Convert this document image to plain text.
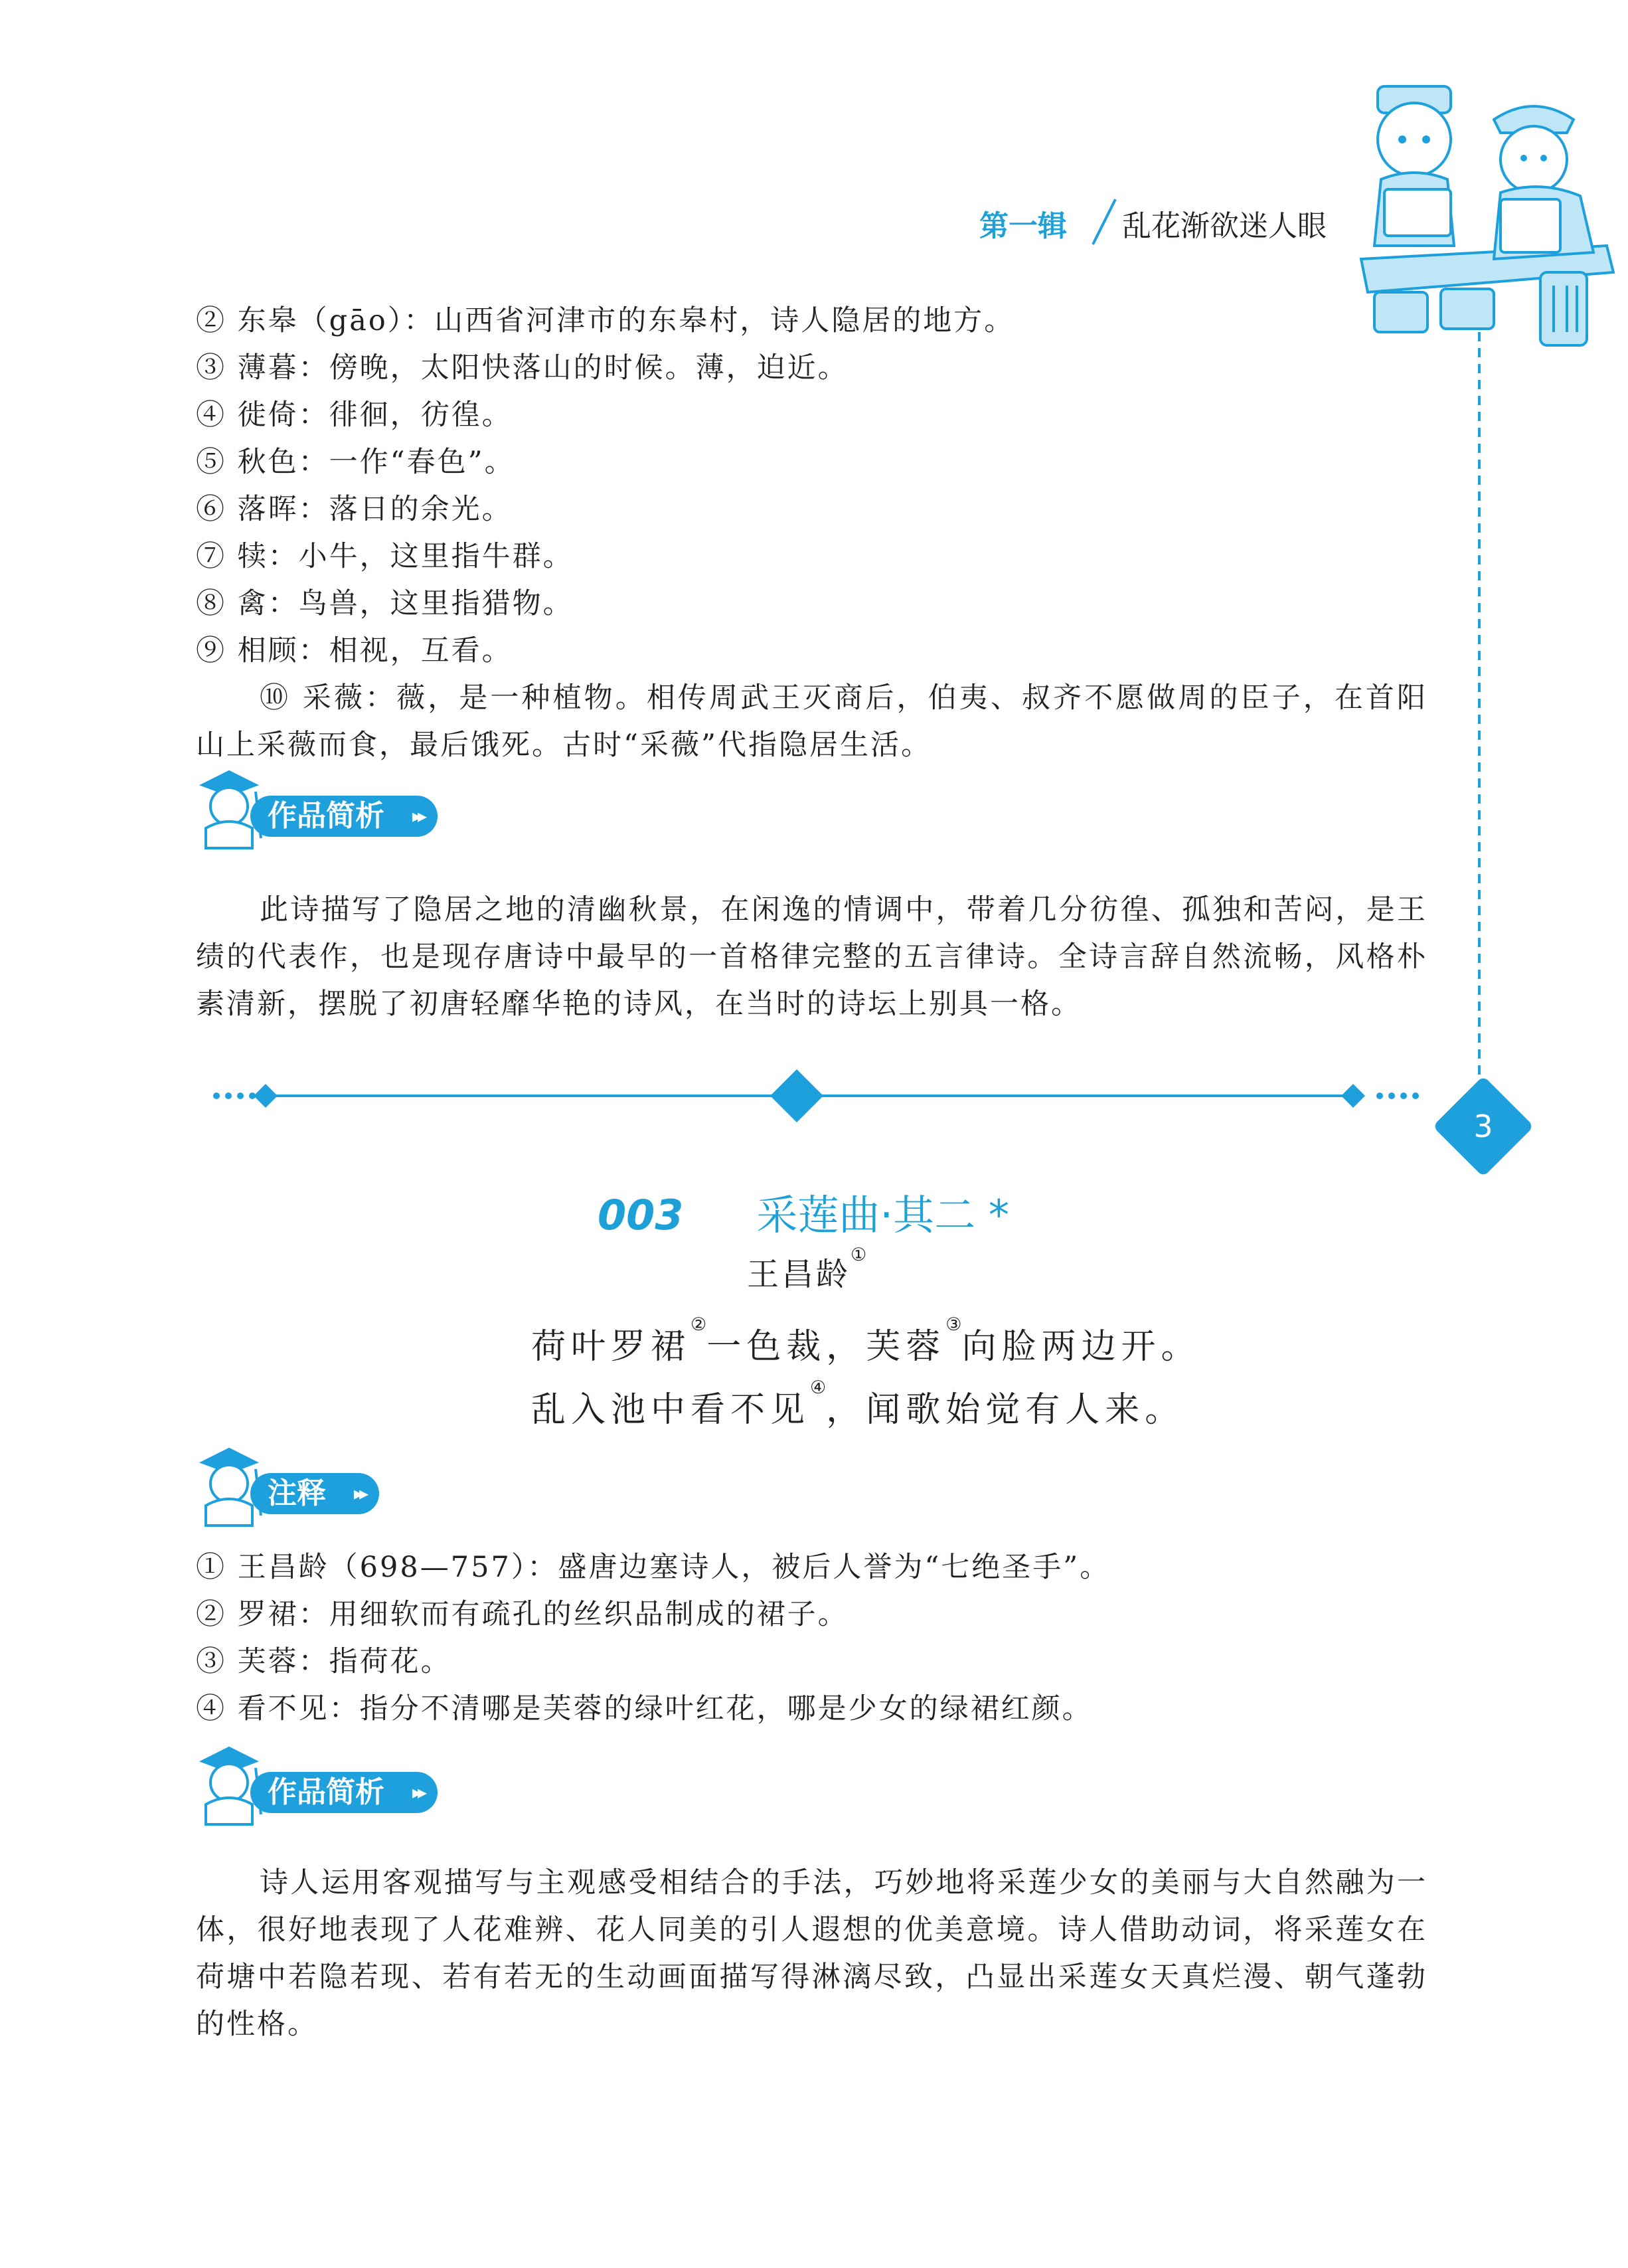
第一辑 乱花渐欲迷人眼
② 东皋（gāo）：山西省河津市的东皋村，诗人隐居的地方。
③ 薄暮：傍晚，太阳快落山的时候。薄，迫近。
④ 徙倚：徘徊，彷徨。
⑤ 秋色：一作“春色”。
⑥ 落晖：落日的余光。
⑦ 犊：小牛，这里指牛群。
⑧ 禽：鸟兽，这里指猎物。
⑨ 相顾：相视，互看。
⑩ 采薇：薇，是一种植物。相传周武王灭商后，伯夷、叔齐不愿做周的臣子，在首阳山上采薇而食，最后饿死。古时“采薇”代指隐居生活。
作品简析 ▸▸
此诗描写了隐居之地的清幽秋景，在闲逸的情调中，带着几分彷徨、孤独和苦闷，是王绩的代表作，也是现存唐诗中最早的一首格律完整的五言律诗。全诗言辞自然流畅，风格朴素清新，摆脱了初唐轻靡华艳的诗风，在当时的诗坛上别具一格。
3
003 采莲曲·其二 *
王昌龄①
荷叶罗裙②一色裁，芙蓉③向脸两边开。
乱入池中看不见④，闻歌始觉有人来。
注释 ▸▸
① 王昌龄（698—757）：盛唐边塞诗人，被后人誉为“七绝圣手”。
② 罗裙：用细软而有疏孔的丝织品制成的裙子。
③ 芙蓉：指荷花。
④ 看不见：指分不清哪是芙蓉的绿叶红花，哪是少女的绿裙红颜。
作品简析 ▸▸
诗人运用客观描写与主观感受相结合的手法，巧妙地将采莲少女的美丽与大自然融为一体，很好地表现了人花难辨、花人同美的引人遐想的优美意境。诗人借助动词，将采莲女在荷塘中若隐若现、若有若无的生动画面描写得淋漓尽致，凸显出采莲女天真烂漫、朝气蓬勃的性格。
